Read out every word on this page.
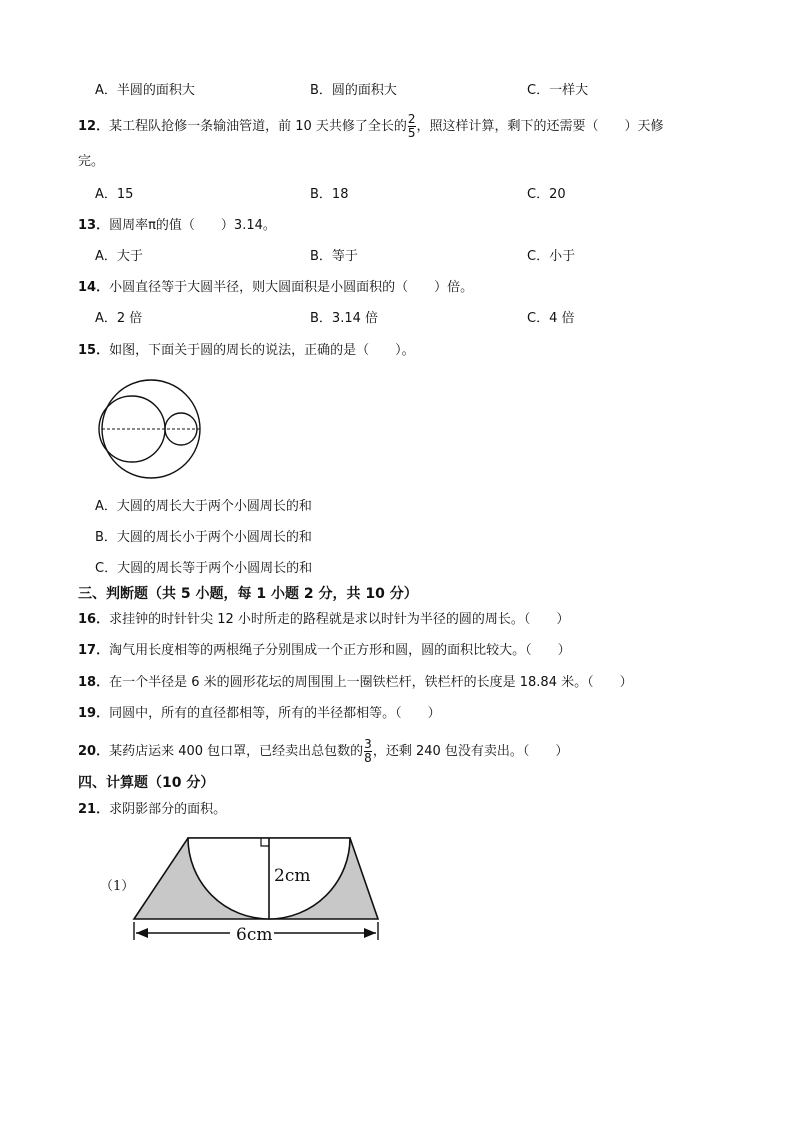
A．半圆的面积大	B．圆的面积大	C．一样大
12．某工程队抢修一条输油管道，前 10 天共修了全长的 $\frac{2}{5}$ ，照这样计算，剩下的还需要（　　）天修
完。
A．15	B．18	C．20
13．圆周率π的值（　　）3.14。
A．大于	B．等于	C．小于
14．小圆直径等于大圆半径，则大圆面积是小圆面积的（　　）倍。
A．2 倍	B．3.14 倍	C．4 倍
15．如图，下面关于圆的周长的说法，正确的是（　　）。
A．大圆的周长大于两个小圆周长的和
B．大圆的周长小于两个小圆周长的和
C．大圆的周长等于两个小圆周长的和
三、判断题（共 5 小题，每 1 小题 2 分，共 10 分）
16．求挂钟的时针针尖 12 小时所走的路程就是求以时针为半径的圆的周长。（　　）
17．淘气用长度相等的两根绳子分别围成一个正方形和圆，圆的面积比较大。（　　）
18．在一个半径是 6 米的圆形花坛的周围围上一圈铁栏杆，铁栏杆的长度是 18.84 米。（　　）
19．同圆中，所有的直径都相等，所有的半径都相等。（　　）
20．某药店运来 400 包口罩，已经卖出总包数的 $\frac{3}{8}$ ，还剩 240 包没有卖出。（　　）
四、计算题（10 分）
21．求阴影部分的面积。
（1）
2cm
6cm
